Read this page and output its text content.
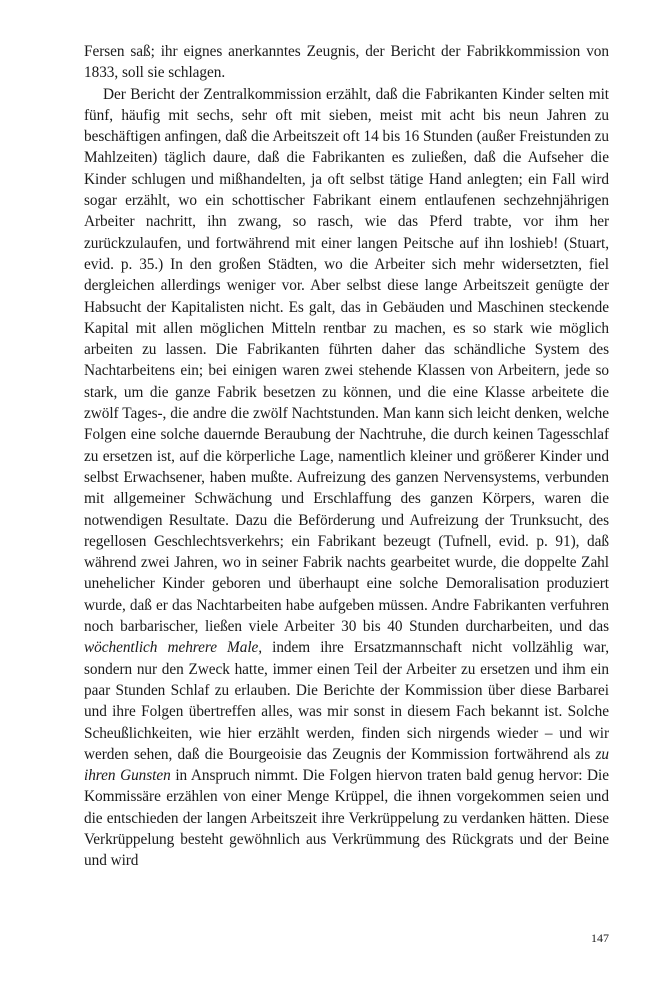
Fersen saß; ihr eignes anerkanntes Zeugnis, der Bericht der Fabrikkommission von 1833, soll sie schlagen.

Der Bericht der Zentralkommission erzählt, daß die Fabrikanten Kinder selten mit fünf, häufig mit sechs, sehr oft mit sieben, meist mit acht bis neun Jahren zu beschäftigen anfingen, daß die Arbeitszeit oft 14 bis 16 Stunden (außer Freistunden zu Mahlzeiten) täglich daure, daß die Fabrikanten es zuließen, daß die Aufseher die Kinder schlugen und mißhandelten, ja oft selbst tätige Hand anlegten; ein Fall wird sogar erzählt, wo ein schottischer Fabrikant einem entlaufenen sechzehnjährigen Arbeiter nachritt, ihn zwang, so rasch, wie das Pferd trabte, vor ihm her zurückzulaufen, und fortwährend mit einer langen Peitsche auf ihn loshieb! (Stuart, evid. p. 35.) In den großen Städten, wo die Arbeiter sich mehr widersetzten, fiel dergleichen allerdings weniger vor. Aber selbst diese lange Arbeitszeit genügte der Habsucht der Kapitalisten nicht. Es galt, das in Gebäuden und Maschinen steckende Kapital mit allen möglichen Mitteln rentbar zu machen, es so stark wie möglich arbeiten zu lassen. Die Fabrikanten führten daher das schändliche System des Nachtarbeitens ein; bei einigen waren zwei stehende Klassen von Arbeitern, jede so stark, um die ganze Fabrik besetzen zu können, und die eine Klasse arbeitete die zwölf Tages-, die andre die zwölf Nachtstunden. Man kann sich leicht denken, welche Folgen eine solche dauernde Beraubung der Nachtruhe, die durch keinen Tagesschlaf zu ersetzen ist, auf die körperliche Lage, namentlich kleiner und größerer Kinder und selbst Erwachsener, haben mußte. Aufreizung des ganzen Nervensystems, verbunden mit allgemeiner Schwächung und Erschlaffung des ganzen Körpers, waren die notwendigen Resultate. Dazu die Beförderung und Aufreizung der Trunksucht, des regellosen Geschlechtsverkehrs; ein Fabrikant bezeugt (Tufnell, evid. p. 91), daß während zwei Jahren, wo in seiner Fabrik nachts gearbeitet wurde, die doppelte Zahl unehelicher Kinder geboren und überhaupt eine solche Demoralisation produziert wurde, daß er das Nachtarbeiten habe aufgeben müssen. Andre Fabrikanten verfuhren noch barbarischer, ließen viele Arbeiter 30 bis 40 Stunden durcharbeiten, und das wöchentlich mehrere Male, indem ihre Ersatzmannschaft nicht vollzählig war, sondern nur den Zweck hatte, immer einen Teil der Arbeiter zu ersetzen und ihm ein paar Stunden Schlaf zu erlauben. Die Berichte der Kommission über diese Barbarei und ihre Folgen übertreffen alles, was mir sonst in diesem Fach bekannt ist. Solche Scheußlichkeiten, wie hier erzählt werden, finden sich nirgends wieder – und wir werden sehen, daß die Bourgeoisie das Zeugnis der Kommission fortwährend als zu ihren Gunsten in Anspruch nimmt. Die Folgen hiervon traten bald genug hervor: Die Kommissäre erzählen von einer Menge Krüppel, die ihnen vorgekommen seien und die entschieden der langen Arbeitszeit ihre Verkrüppelung zu verdanken hätten. Diese Verkrüppelung besteht gewöhnlich aus Verkrümmung des Rückgrats und der Beine und wird

147
